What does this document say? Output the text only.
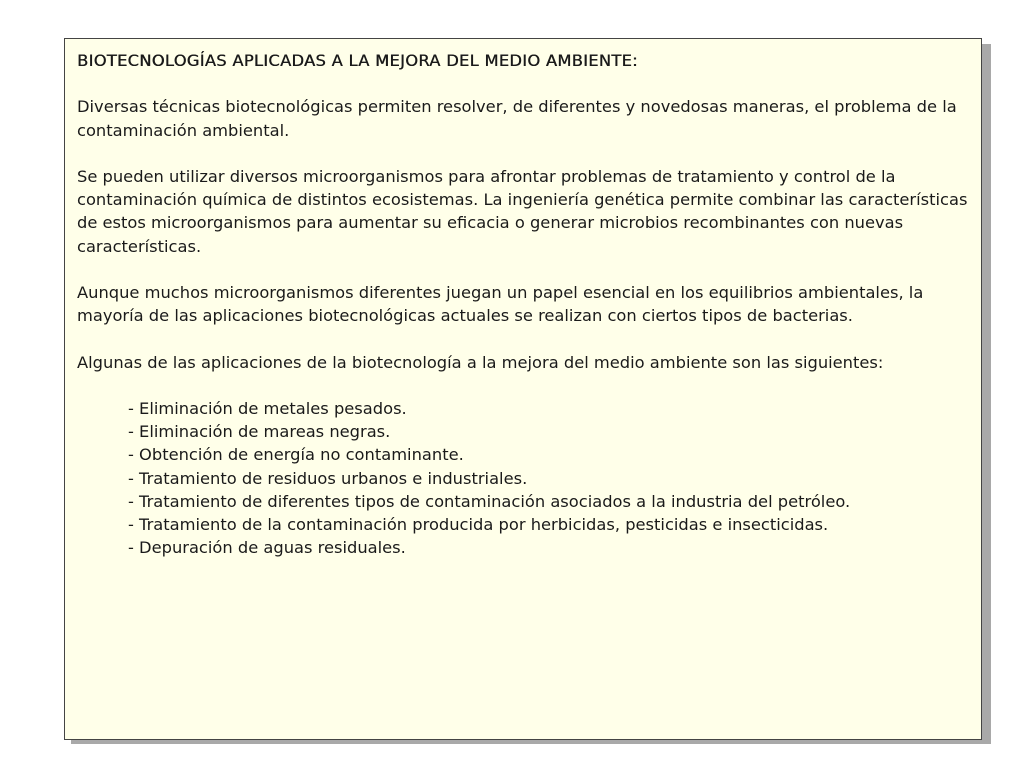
BIOTECNOLOGÍAS APLICADAS A LA MEJORA DEL MEDIO AMBIENTE:

Diversas técnicas biotecnológicas permiten resolver, de diferentes y novedosas maneras, el problema de la contaminación ambiental.

Se pueden utilizar diversos microorganismos para afrontar problemas de tratamiento y control de la contaminación química de distintos ecosistemas. La ingeniería genética permite combinar las características de estos microorganismos para aumentar su eficacia o generar microbios recombinantes con nuevas características.

Aunque muchos microorganismos diferentes juegan un papel esencial en los equilibrios ambientales, la mayoría de las aplicaciones biotecnológicas actuales se realizan con ciertos tipos de bacterias.

Algunas de las aplicaciones de la biotecnología a la mejora del medio ambiente son las siguientes:

- Eliminación de metales pesados.
- Eliminación de mareas negras.
- Obtención de energía no contaminante.
- Tratamiento de residuos urbanos e industriales.
- Tratamiento de diferentes tipos de contaminación asociados a la industria del petróleo.
- Tratamiento de la contaminación producida por herbicidas, pesticidas e insecticidas.
- Depuración de aguas residuales.
